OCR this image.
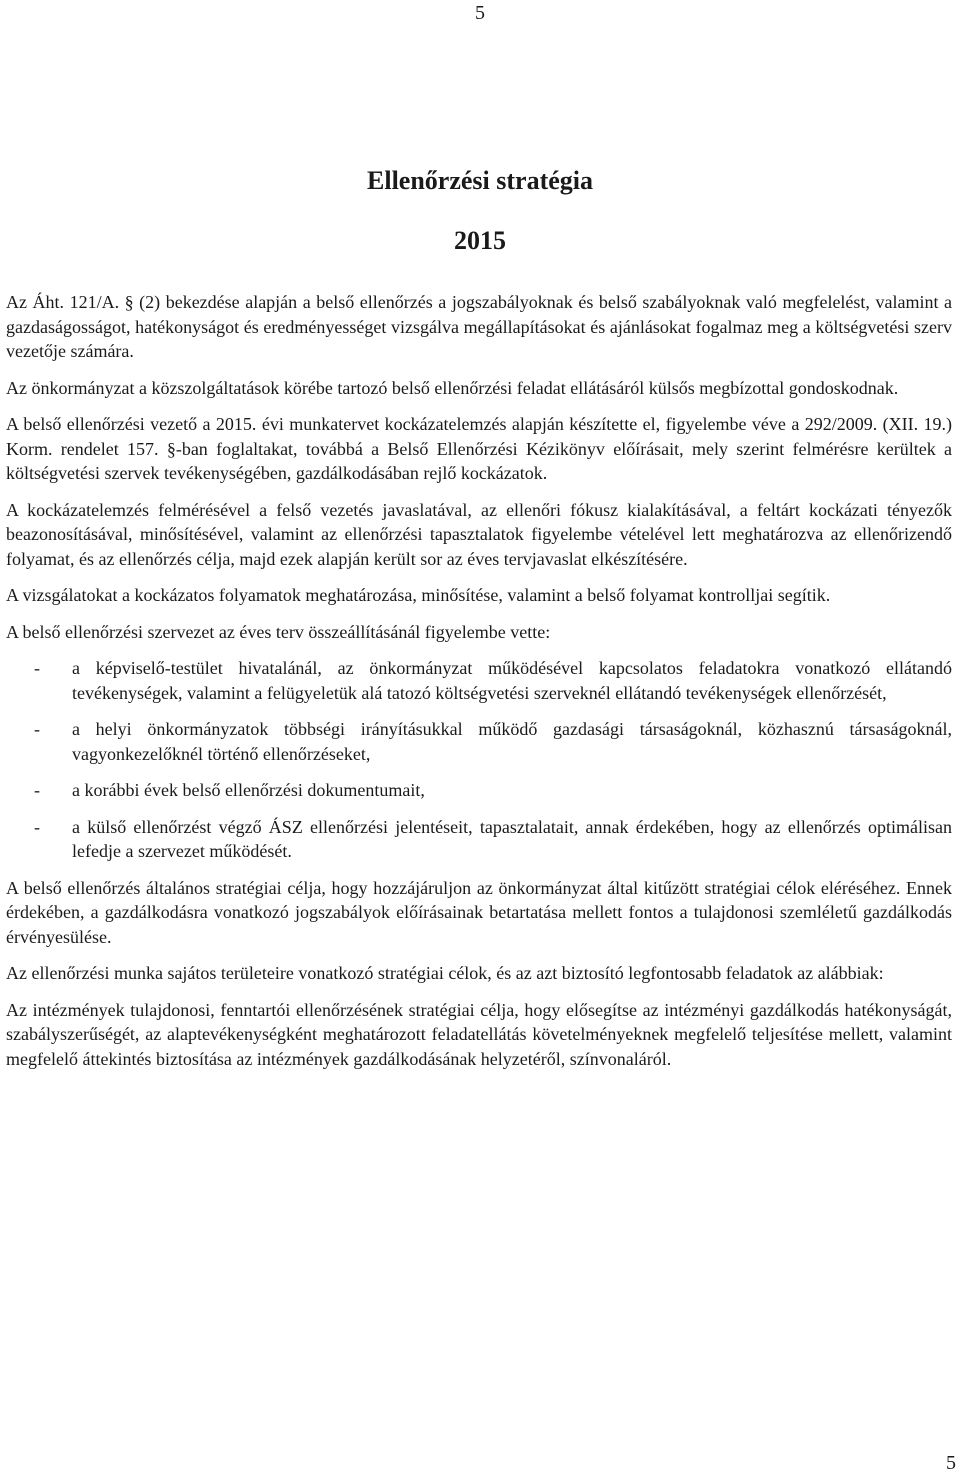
5
Ellenőrzési stratégia
2015

Az Áht. 121/A. § (2) bekezdése alapján a belső ellenőrzés a jogszabályoknak és belső szabályoknak való megfelelést, valamint a gazdaságosságot, hatékonyságot és eredményességet vizsgálva megállapításokat és ajánlásokat fogalmaz meg a költségvetési szerv vezetője számára.

Az önkormányzat a közszolgáltatások körébe tartozó belső ellenőrzési feladat ellátásáról külsős megbízottal gondoskodnak.

A belső ellenőrzési vezető a 2015. évi munkatervet kockázatelemzés alapján készítette el, figyelembe véve a 292/2009. (XII. 19.) Korm. rendelet 157. §-ban foglaltakat, továbbá a Belső Ellenőrzési Kézikönyv előírásait, mely szerint felmérésre kerültek a költségvetési szervek tevékenységében, gazdálkodásában rejlő kockázatok.

A kockázatelemzés felmérésével a felső vezetés javaslatával, az ellenőri fókusz kialakításával, a feltárt kockázati tényezők beazonosításával, minősítésével, valamint az ellenőrzési tapasztalatok figyelembe vételével lett meghatározva az ellenőrizendő folyamat, és az ellenőrzés célja, majd ezek alapján került sor az éves tervjavaslat elkészítésére.

A vizsgálatokat a kockázatos folyamatok meghatározása, minősítése, valamint a belső folyamat kontrolljai segítik.

A belső ellenőrzési szervezet az éves terv összeállításánál figyelembe vette:

- a képviselő-testület hivatalánál, az önkormányzat működésével kapcsolatos feladatokra vonatkozó ellátandó tevékenységek, valamint a felügyeletük alá tatozó költségvetési szerveknél ellátandó tevékenységek ellenőrzését,
- a helyi önkormányzatok többségi irányításukkal működő gazdasági társaságoknál, közhasznú társaságoknál, vagyonkezelőknél történő ellenőrzéseket,
- a korábbi évek belső ellenőrzési dokumentumait,
- a külső ellenőrzést végző ÁSZ ellenőrzési jelentéseit, tapasztalatait, annak érdekében, hogy az ellenőrzés optimálisan lefedje a szervezet működését.

A belső ellenőrzés általános stratégiai célja, hogy hozzájáruljon az önkormányzat által kitűzött stratégiai célok eléréséhez. Ennek érdekében, a gazdálkodásra vonatkozó jogszabályok előírásainak betartatása mellett fontos a tulajdonosi szemléletű gazdálkodás érvényesülése.

Az ellenőrzési munka sajátos területeire vonatkozó stratégiai célok, és az azt biztosító legfontosabb feladatok az alábbiak:

Az intézmények tulajdonosi, fenntartói ellenőrzésének stratégiai célja, hogy elősegítse az intézményi gazdálkodás hatékonyságát, szabályszerűségét, az alaptevékenységként meghatározott feladatellátás követelményeknek megfelelő teljesítése mellett, valamint megfelelő áttekintés biztosítása az intézmények gazdálkodásának helyzetéről, színvonaláról.

5
